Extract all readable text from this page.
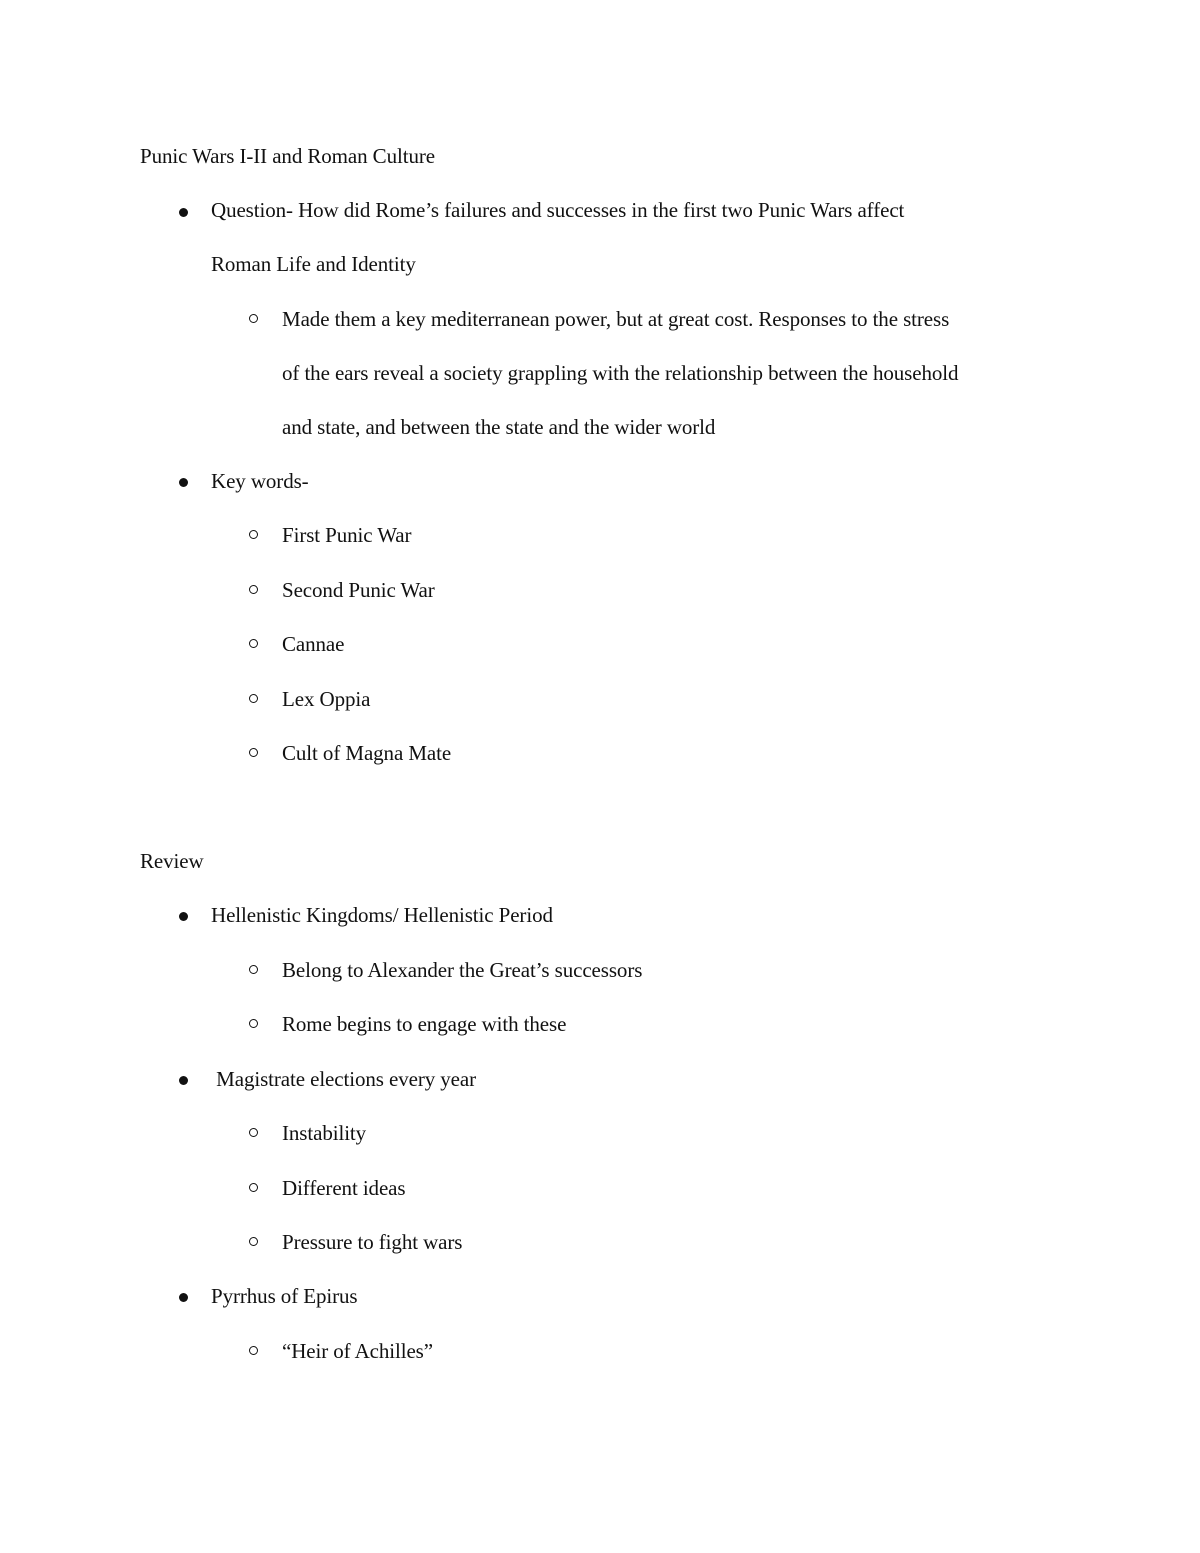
Punic Wars I-II and Roman Culture
Question- How did Rome’s failures and successes in the first two Punic Wars affect
Roman Life and Identity
Made them a key mediterranean power, but at great cost. Responses to the stress
of the ears reveal a society grappling with the relationship between the household
and state, and between the state and the wider world
Key words-
First Punic War
Second Punic War
Cannae
Lex Oppia
Cult of Magna Mate
Review
Hellenistic Kingdoms/ Hellenistic Period
Belong to Alexander the Great’s successors
Rome begins to engage with these
Magistrate elections every year
Instability
Different ideas
Pressure to fight wars
Pyrrhus of Epirus
“Heir of Achilles”
